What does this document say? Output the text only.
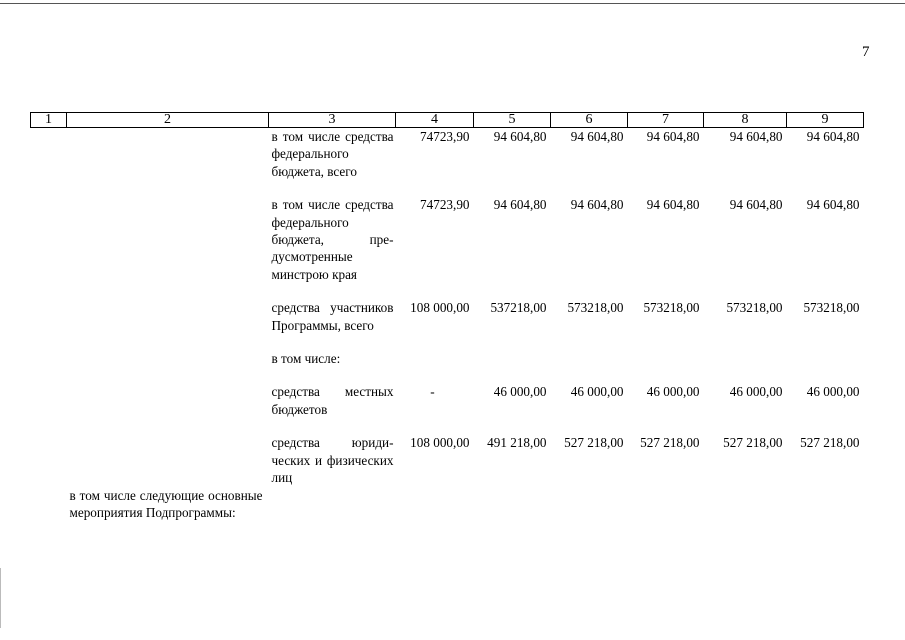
7
1	2	3	4	5	6	7	8	9
		в том числе средства федерального бюджета, всего	74723,90	94 604,80	94 604,80	94 604,80	94 604,80	94 604,80
		в том числе средства федерального бюджета, предусмотренные минстрою края	74723,90	94 604,80	94 604,80	94 604,80	94 604,80	94 604,80
		средства участников Программы, всего	108 000,00	537218,00	573218,00	573218,00	573218,00	573218,00
		в том числе:						
		средства местных бюджетов	-	46 000,00	46 000,00	46 000,00	46 000,00	46 000,00
		средства юридических и физических лиц	108 000,00	491 218,00	527 218,00	527 218,00	527 218,00	527 218,00
	в том числе следующие основные мероприятия Подпрограммы:							
